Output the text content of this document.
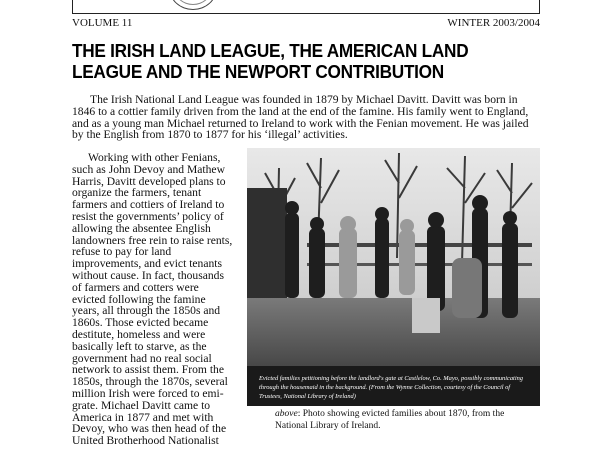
VOLUME 11	WINTER 2003/2004
THE IRISH LAND LEAGUE, THE AMERICAN LAND LEAGUE AND THE NEWPORT CONTRIBUTION

The Irish National Land League was founded in 1879 by Michael Davitt. Davitt was born in 1846 to a cottier family driven from the land at the end of the famine. His family went to England, and as a young man Michael returned to Ireland to work with the Fenian movement. He was jailed by the English from 1870 to 1877 for his ‘illegal’ activities.

Working with other Fenians, such as John Devoy and Mathew Harris, Davitt developed plans to organize the farmers, tenant farmers and cottiers of Ireland to resist the governments’ policy of allowing the absentee English landowners free rein to raise rents, refuse to pay for land improvements, and evict tenants without cause. In fact, thousands of farmers and cotters were evicted following the famine years, all through the 1850s and 1860s. Those evicted became destitute, homeless and were basically left to starve, as the government had no real social network to assist them. From the 1850s, through the 1870s, several million Irish were forced to emi-grate. Michael Davitt came to America in 1877 and met with Devoy, who was then head of the United Brotherhood Nationalist

Evicted families petitioning before the landlord's gate at Castlelow, Co. Mayo, possibly communicating through the housemaid in the background. (From the Wynne Collection, courtesy of the Council of Trustees, National Library of Ireland)

above: Photo showing evicted families about 1870, from the National Library of Ireland.
